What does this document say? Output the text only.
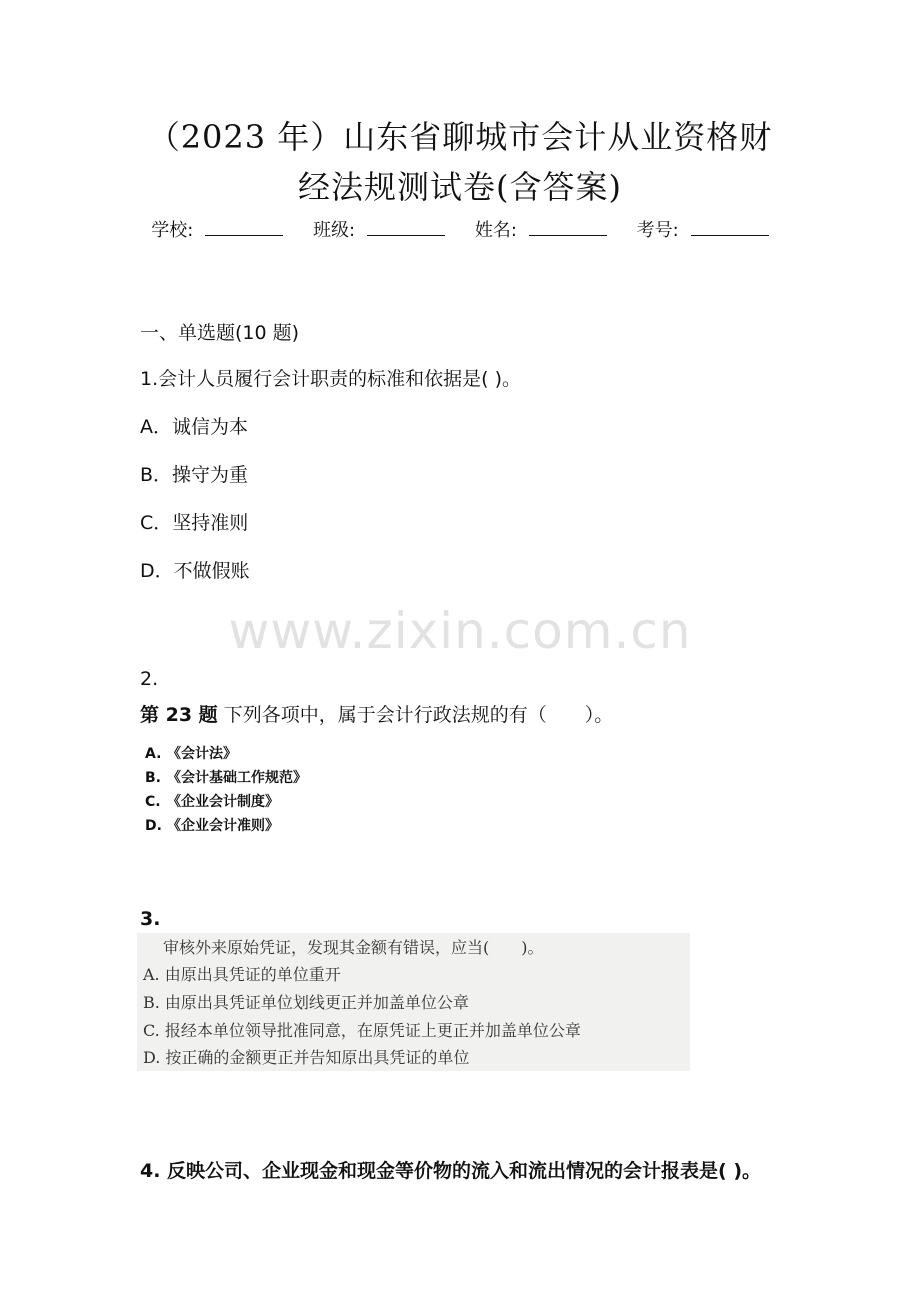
（2023 年）山东省聊城市会计从业资格财
经法规测试卷(含答案)
学校:	班级:	姓名:	考号:
一、单选题(10 题)
1.会计人员履行会计职责的标准和依据是( )。
A．诚信为本
B．操守为重
C．坚持准则
D．不做假账
www.zixin.com.cn
2.
第 23 题 下列各项中，属于会计行政法规的有（　　）。
A. 《会计法》
B. 《会计基础工作规范》
C. 《企业会计制度》
D. 《企业会计准则》
3.
审核外来原始凭证，发现其金额有错误，应当(　　)。
A. 由原出具凭证的单位重开
B. 由原出具凭证单位划线更正并加盖单位公章
C. 报经本单位领导批准同意，在原凭证上更正并加盖单位公章
D. 按正确的金额更正并告知原出具凭证的单位
4. 反映公司、企业现金和现金等价物的流入和流出情况的会计报表是( )。
